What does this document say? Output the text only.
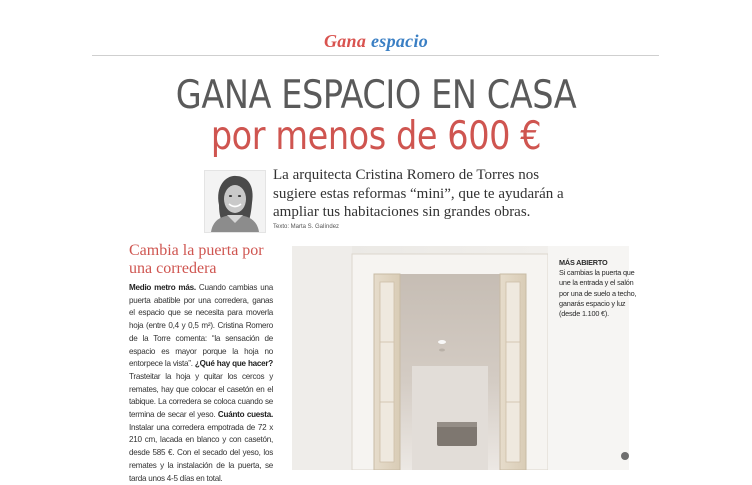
Gana espacio
GANA ESPACIO EN CASA
por menos de 600 €
La arquitecta Cristina Romero de Torres nos sugiere estas reformas “mini”, que te ayudarán a ampliar tus habitaciones sin grandes obras.
Texto: Marta S. Galíndez
Cambia la puerta por una corredera
Medio metro más. Cuando cambias una puerta abatible por una corredera, ganas el espacio que se necesita para moverla hoja (entre 0,4 y 0,5 m²). Cristina Romero de la Torre comenta: “la sensación de espacio es mayor porque la hoja no entorpece la vista”. ¿Qué hay que hacer? Trasteitar la hoja y quitar los cercos y remates, hay que colocar el casetón en el tabique. La corredera se coloca cuando se termina de secar el yeso. Cuánto cuesta. Instalar una corredera empotrada de 72 x 210 cm, lacada en blanco y con casetón, desde 585 €. Con el secado del yeso, los remates y la instalación de la puerta, se tarda unos 4-5 días en total.
MÁS ABIERTO
Si cambias la puerta que une la entrada y el salón por una de suelo a techo, ganarás espacio y luz (desde 1.100 €).
